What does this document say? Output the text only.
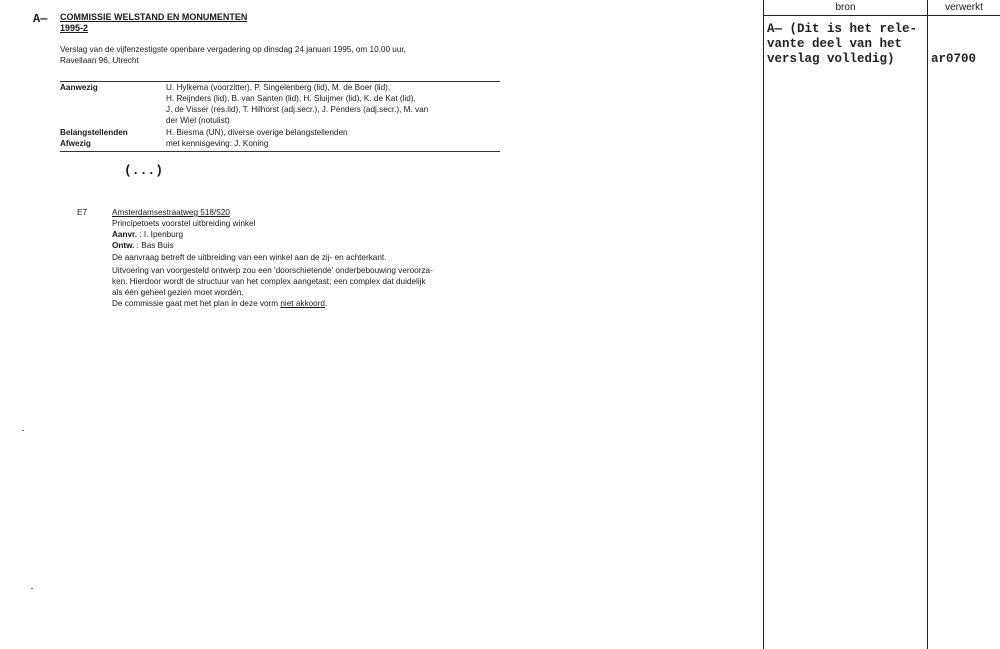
A— COMMISSIE WELSTAND EN MONUMENTEN
1995-2
Verslag van de vijfenzestigste openbare vergadering op dinsdag 24 januari 1995, om 10.00 uur,
Ravellaan 96, Utrecht
Aanwezig	U. Hylkema (voorzitter), P. Singelenberg (lid), M. de Boer (lid),
H. Reijnders (lid), B. van Santen (lid), H. Sluijmer (lid), K. de Kat (lid),
J. de Visser (res.lid), T. Hilhorst (adj.secr.), J. Penders (adj.secr.), M. van
der Wiel (notulist)
Belangstellenden	H. Biesma (UN), diverse overige belangstellenden
Afwezig	met kennisgeving: J. Koning
(...)
E7	Amsterdamsestraatweg 518/520
Principetoets voorstel uitbreiding winkel
Aanvr. : I. Ipenburg
Ontw. : Bas Buis
De aanvraag betreft de uitbreiding van een winkel aan de zij- en achterkant.
Uitvoering van voorgesteld ontwerp zou een 'doorschietende' onderbebouwing veroorza-
ken. Hierdoor wordt de structuur van het complex aangetast; een complex dat duidelijk
als één geheel gezien moet worden.
De commissie gaat met het plan in deze vorm niet akkoord.
bron	verwerkt
A— (Dit is het rele-
vante deel van het
verslag volledig)	ar0700
